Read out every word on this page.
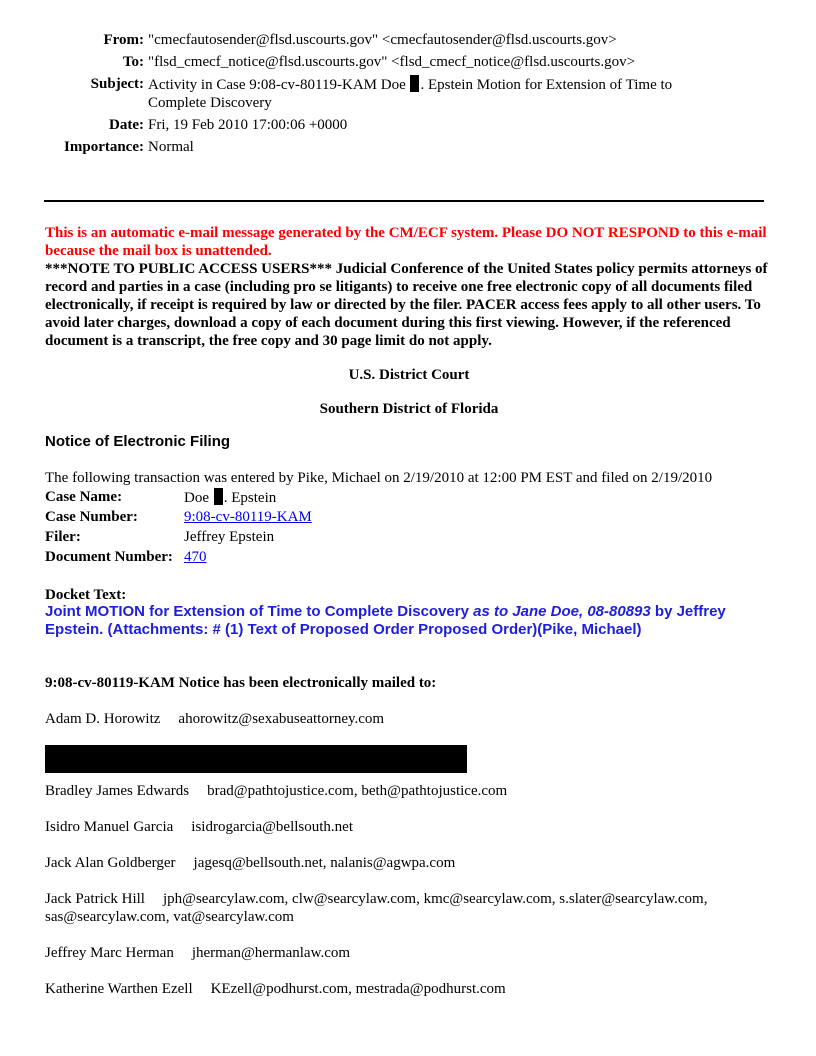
From: "cmecfautosender@flsd.uscourts.gov" <cmecfautosender@flsd.uscourts.gov>
To: "flsd_cmecf_notice@flsd.uscourts.gov" <flsd_cmecf_notice@flsd.uscourts.gov>
Subject: Activity in Case 9:08-cv-80119-KAM Doe . Epstein Motion for Extension of Time to Complete Discovery
Date: Fri, 19 Feb 2010 17:00:06 +0000
Importance: Normal
This is an automatic e-mail message generated by the CM/ECF system. Please DO NOT RESPOND to this e-mail because the mail box is unattended.
***NOTE TO PUBLIC ACCESS USERS*** Judicial Conference of the United States policy permits attorneys of record and parties in a case (including pro se litigants) to receive one free electronic copy of all documents filed electronically, if receipt is required by law or directed by the filer. PACER access fees apply to all other users. To avoid later charges, download a copy of each document during this first viewing. However, if the referenced document is a transcript, the free copy and 30 page limit do not apply.
U.S. District Court
Southern District of Florida
Notice of Electronic Filing
The following transaction was entered by Pike, Michael on 2/19/2010 at 12:00 PM EST and filed on 2/19/2010
Case Name:	Doe . Epstein
Case Number:	9:08-cv-80119-KAM
Filer:	Jeffrey Epstein
Document Number:	470
Docket Text:
Joint MOTION for Extension of Time to Complete Discovery as to Jane Doe, 08-80893 by Jeffrey Epstein. (Attachments: # (1) Text of Proposed Order Proposed Order)(Pike, Michael)
9:08-cv-80119-KAM Notice has been electronically mailed to:
Adam D. Horowitz ahorowitz@sexabuseattorney.com
Bradley James Edwards brad@pathtojustice.com, beth@pathtojustice.com
Isidro Manuel Garcia isidrogarcia@bellsouth.net
Jack Alan Goldberger jagesq@bellsouth.net, nalanis@agwpa.com
Jack Patrick Hill jph@searcylaw.com, clw@searcylaw.com, kmc@searcylaw.com, s.slater@searcylaw.com, sas@searcylaw.com, vat@searcylaw.com
Jeffrey Marc Herman jherman@hermanlaw.com
Katherine Warthen Ezell KEzell@podhurst.com, mestrada@podhurst.com
